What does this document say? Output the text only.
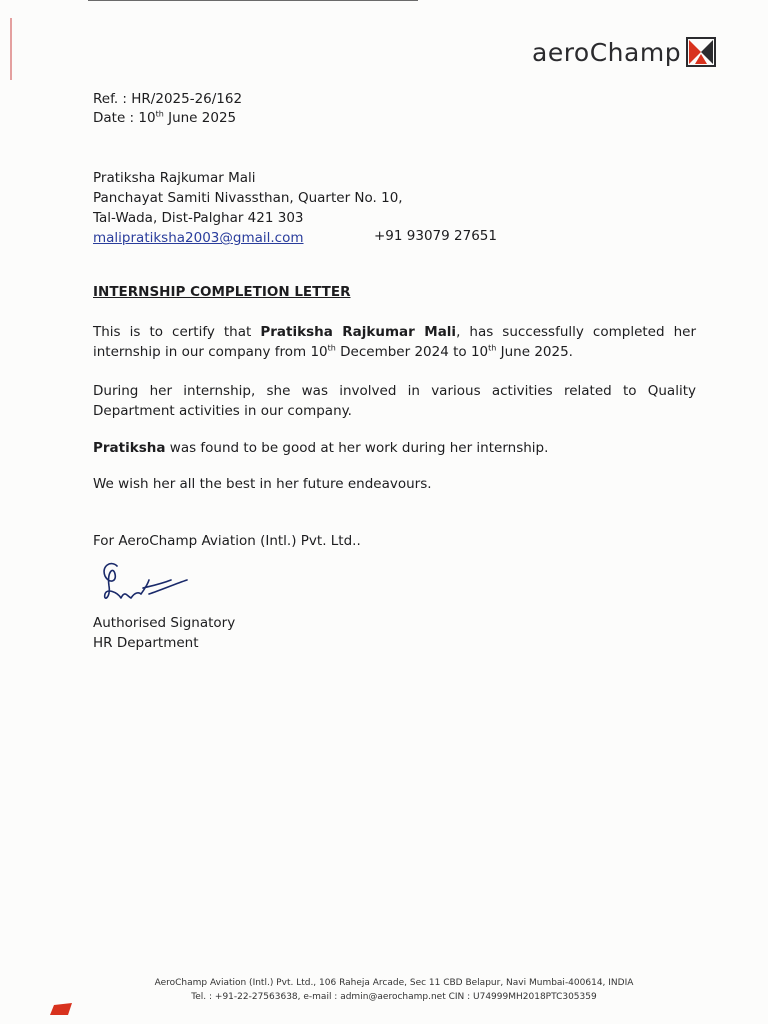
aeroChamp
Ref. : HR/2025-26/162
Date : 10th June 2025
Pratiksha Rajkumar Mali
Panchayat Samiti Nivassthan, Quarter No. 10,
Tal-Wada, Dist-Palghar 421 303
malipratiksha2003@gmail.com	+91 93079 27651
INTERNSHIP COMPLETION LETTER
This is to certify that Pratiksha Rajkumar Mali, has successfully completed her internship in our company from 10th December 2024 to 10th June 2025.
During her internship, she was involved in various activities related to Quality Department activities in our company.
Pratiksha was found to be good at her work during her internship.
We wish her all the best in her future endeavours.
For AeroChamp Aviation (Intl.) Pvt. Ltd..
Authorised Signatory
HR Department
AeroChamp Aviation (Intl.) Pvt. Ltd., 106 Raheja Arcade, Sec 11 CBD Belapur, Navi Mumbai-400614, INDIA
Tel. : +91-22-27563638, e-mail : admin@aerochamp.net CIN : U74999MH2018PTC305359
